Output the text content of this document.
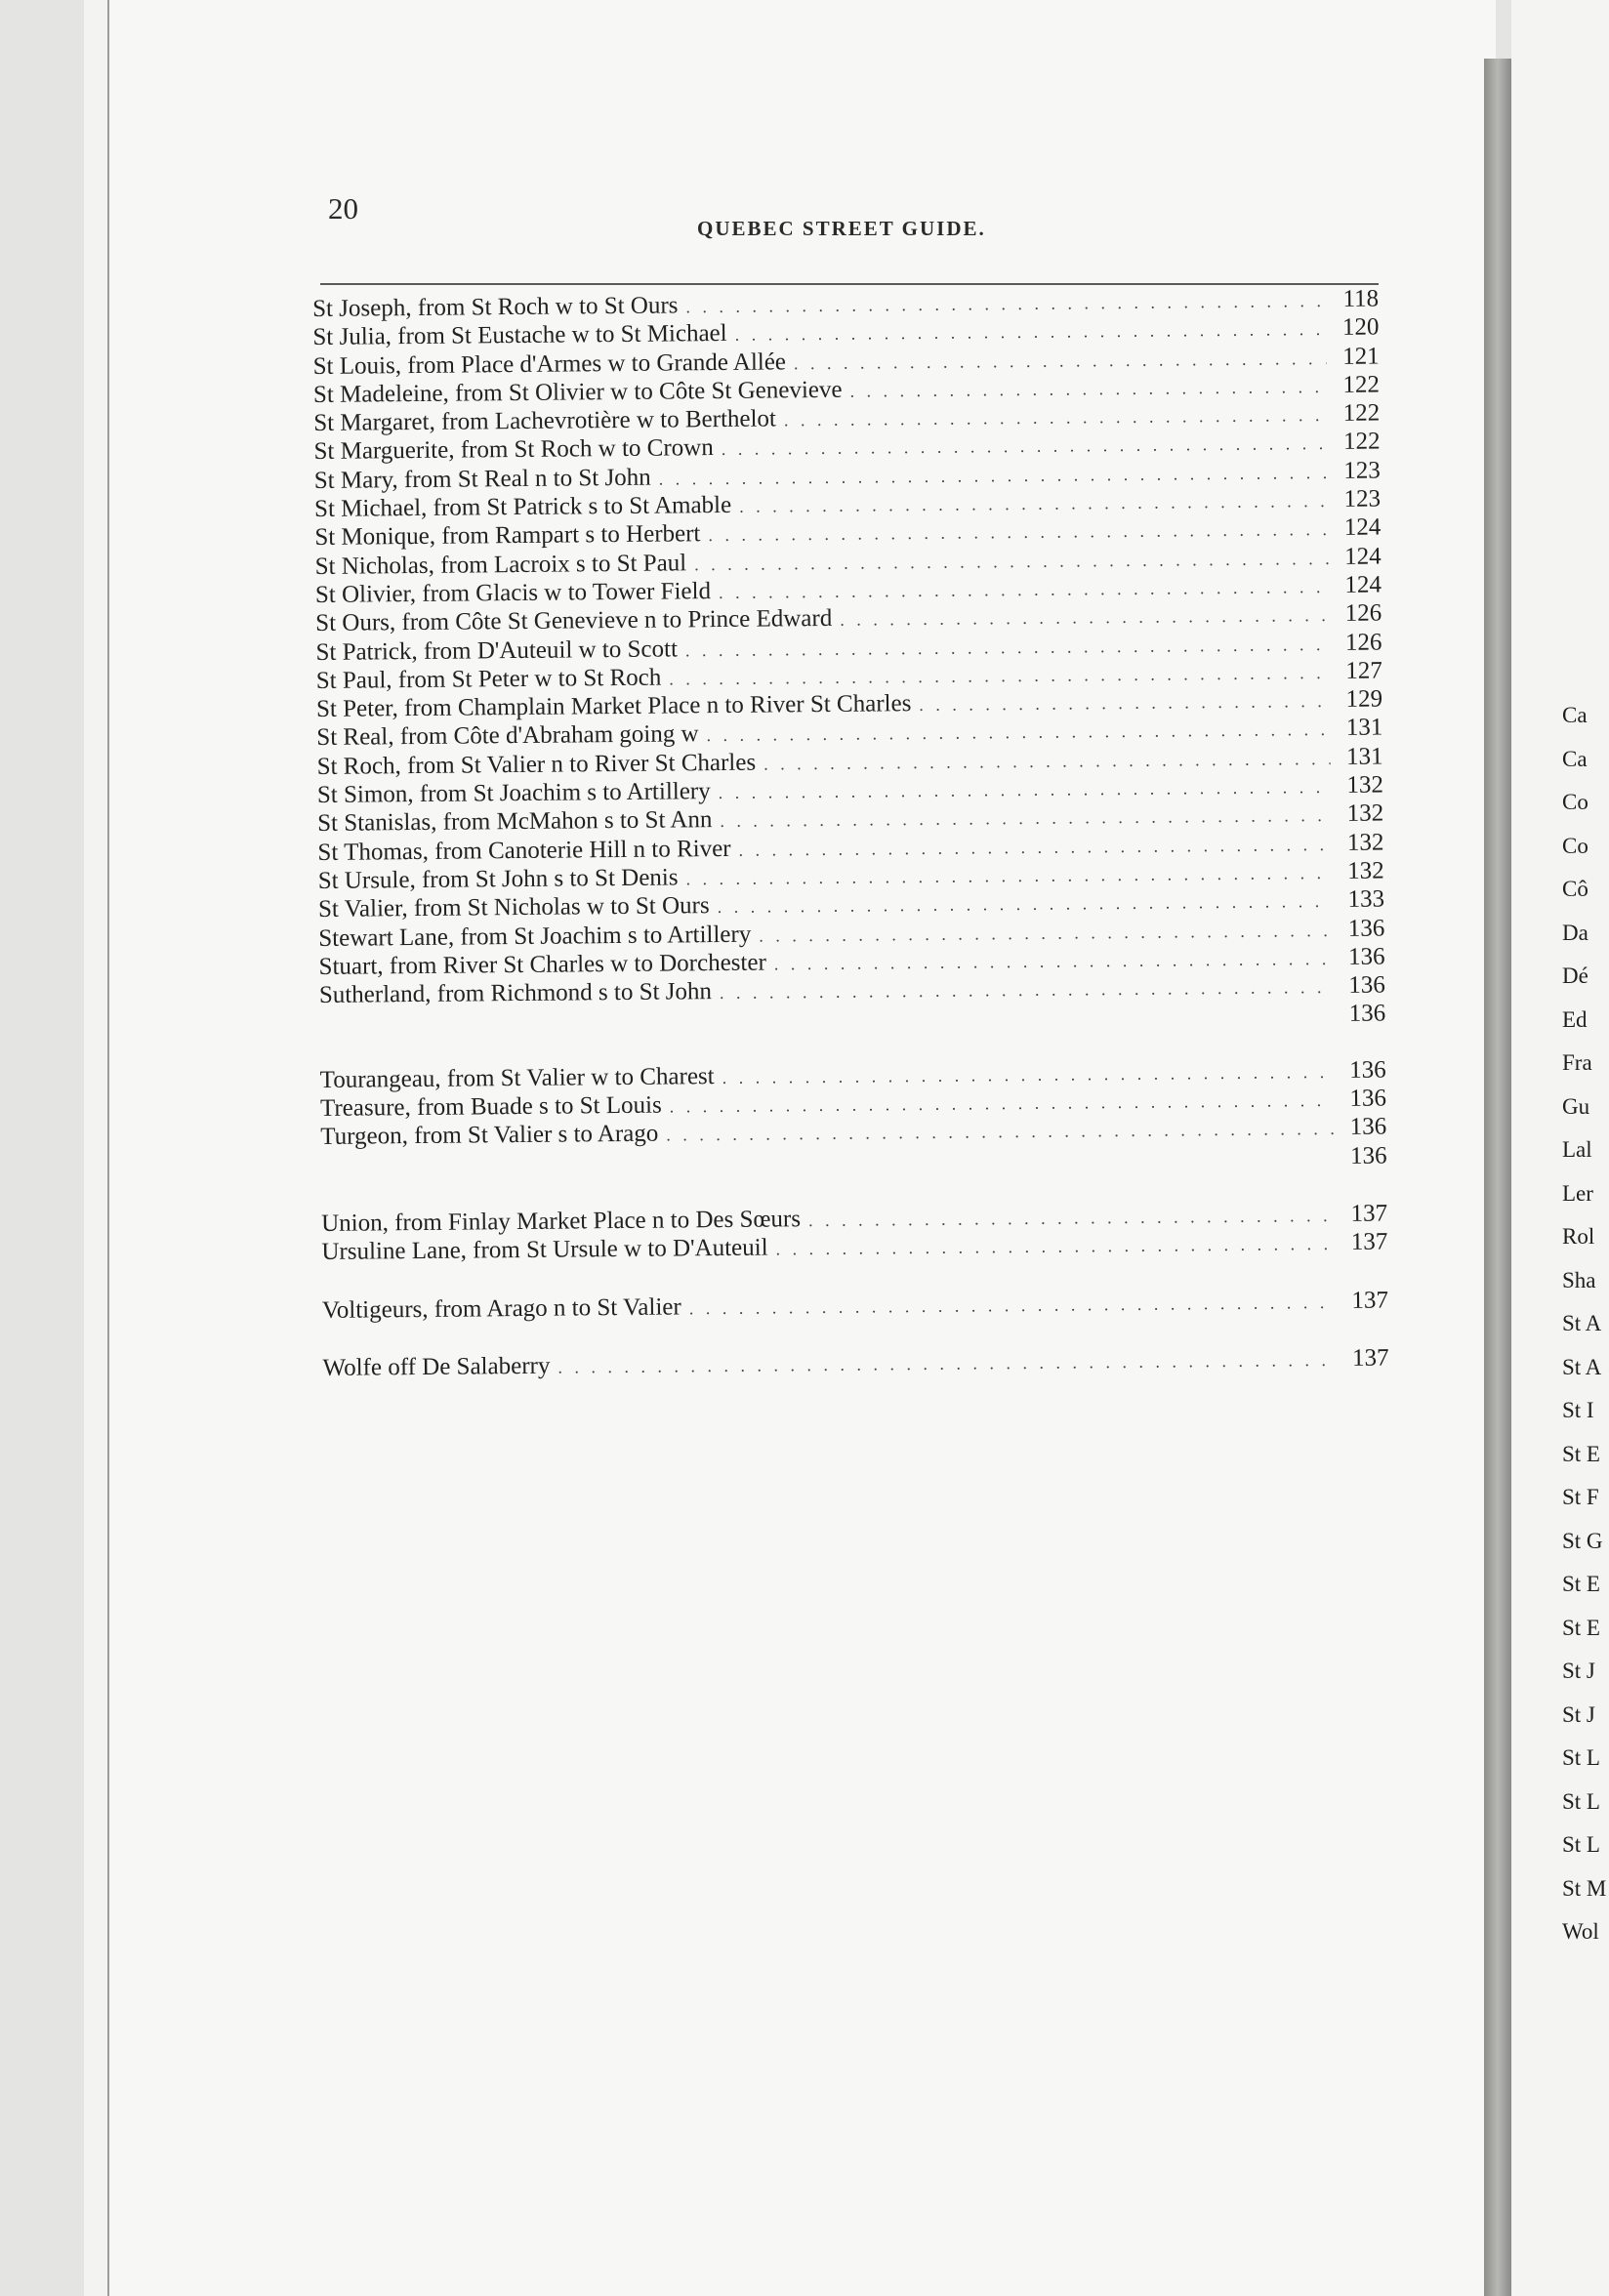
20
QUEBEC STREET GUIDE.
St Joseph, from St Roch w to St Ours . . .	118
St Julia, from St Eustache w to St Michael . . .	120
St Louis, from Place d'Armes w to Grande Allée . . .	121
St Madeleine, from St Olivier w to Côte St Genevieve . . .	122
St Margaret, from Lachevrotière w to Berthelot . . .	122
St Marguerite, from St Roch w to Crown . . .	122
St Mary, from St Real n to St John . . .	123
St Michael, from St Patrick s to St Amable . . .	123
St Monique, from Rampart s to Herbert . . .	124
St Nicholas, from Lacroix s to St Paul . . .	124
St Olivier, from Glacis w to Tower Field . . .	124
St Ours, from Côte St Genevieve n to Prince Edward . . .	126
St Patrick, from D'Auteuil w to Scott . . .	126
St Paul, from St Peter w to St Roch . . .	127
St Peter, from Champlain Market Place n to River St Charles . . .	129
St Real, from Côte d'Abraham going w . . .	131
St Roch, from St Valier n to River St Charles . . .	131
St Simon, from St Joachim s to Artillery . . .	132
St Stanislas, from McMahon s to St Ann . . .	132
St Thomas, from Canoterie Hill n to River . . .	132
St Ursule, from St John s to St Denis . . .	132
St Valier, from St Nicholas w to St Ours . . .	133
Stewart Lane, from St Joachim s to Artillery . . .	136
Stuart, from River St Charles w to Dorchester . . .	136
Sutherland, from Richmond s to St John . . .	136
136
Tourangeau, from St Valier w to Charest . . .	136
Treasure, from Buade s to St Louis . . .	136
Turgeon, from St Valier s to Arago . . .	136
136
Union, from Finlay Market Place n to Des Sœurs . . .	137
Ursuline Lane, from St Ursule w to D'Auteuil . . .	137
Voltigeurs, from Arago n to St Valier . . .	137
Wolfe off De Salaberry . . .	137
Ca
Ca
Co
Co
Cô
Da
Dé
Ed
Fra
Gu
Lal
Ler
Rol
Sha
St A
St A
St I
St E
St F
St G
St E
St E
St J
St J
St L
St L
St L
St M
Wol
